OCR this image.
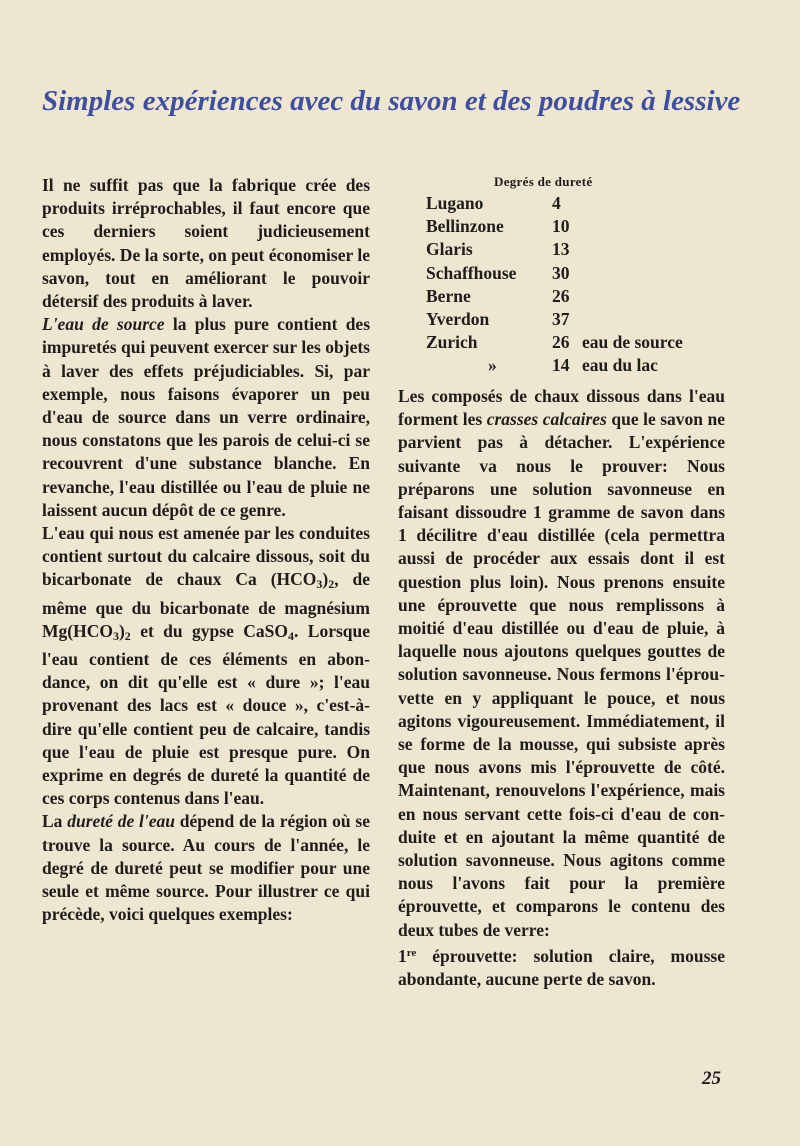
Simples expériences avec du savon et des poudres à lessive

Il ne suffit pas que la fabrique crée des produits irréprochables, il faut encore que ces derniers soient judicieusement employés. De la sorte, on peut économiser le savon, tout en améliorant le pouvoir détersif des produits à laver.

L'eau de source la plus pure contient des impuretés qui peuvent exercer sur les objets à laver des effets préjudiciables. Si, par exemple, nous faisons évaporer un peu d'eau de source dans un verre ordinaire, nous constatons que les parois de celui-ci se recouvrent d'une substance blanche. En revanche, l'eau distillée ou l'eau de pluie ne laissent aucun dépôt de ce genre.

L'eau qui nous est amenée par les conduites contient surtout du calcaire dissous, soit du bicarbonate de chaux Ca $(HCO_3)_2$, de même que du bicarbonate de magnésium $Mg(HCO_3)_2$ et du gypse CaSO$_4$. Lorsque l'eau contient de ces éléments en abondance, on dit qu'elle est « dure »; l'eau provenant des lacs est « douce », c'est-à-dire qu'elle contient peu de calcaire, tandis que l'eau de pluie est presque pure. On exprime en degrés de dureté la quantité de ces corps contenus dans l'eau.

La dureté de l'eau dépend de la région où se trouve la source. Au cours de l'année, le degré de dureté peut se modifier pour une seule et même source. Pour illustrer ce qui précède, voici quelques exemples:

Degrés de dureté
Lugano	4
Bellinzone	10
Glaris	13
Schaffhouse	30
Berne	26
Yverdon	37
Zurich	26 eau de source
»	14 eau du lac

Les composés de chaux dissous dans l'eau forment les crasses calcaires que le savon ne parvient pas à détacher. L'expérience suivante va nous le prouver: Nous préparons une solution savonneuse en faisant dissoudre 1 gramme de savon dans 1 décilitre d'eau distillée (cela permettra aussi de procéder aux essais dont il est question plus loin). Nous prenons ensuite une éprouvette que nous remplissons à moitié d'eau distillée ou d'eau de pluie, à laquelle nous ajoutons quelques gouttes de solution savonneuse. Nous fermons l'éprouvette en y appliquant le pouce, et nous agitons vigoureusement. Immédiatement, il se forme de la mousse, qui subsiste après que nous avons mis l'éprouvette de côté. Maintenant, renouvelons l'expérience, mais en nous servant cette fois-ci d'eau de conduite et en ajoutant la même quantité de solution savonneuse. Nous agitons comme nous l'avons fait pour la première éprouvette, et comparons le contenu des deux tubes de verre:
1re éprouvette: solution claire, mousse abondante, aucune perte de savon.

25
